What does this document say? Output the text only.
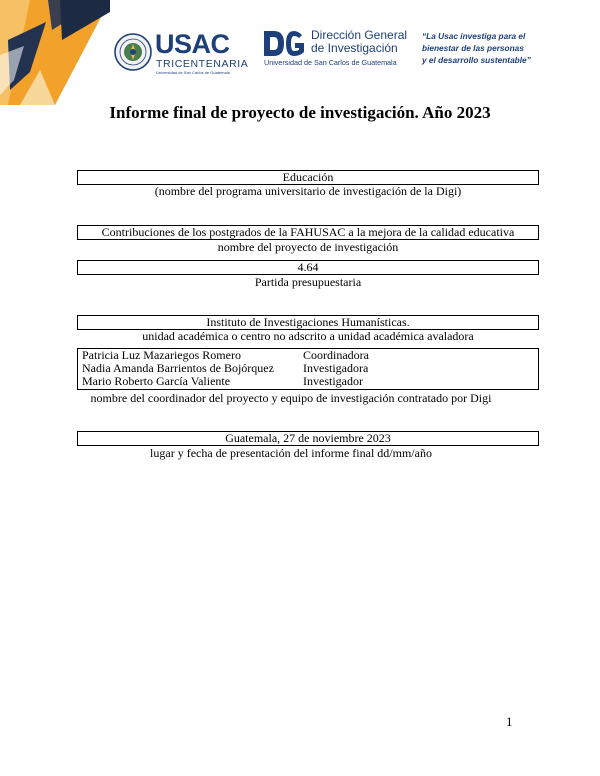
USAC
TRICENTENARIA
Universidad de San Carlos de Guatemala
Dirección General
de Investigación
Universidad de San Carlos de Guatemala
“La Usac investiga para el
bienestar de las personas
y el desarrollo sustentable”
Informe final de proyecto de investigación. Año 2023
Educación
(nombre del programa universitario de investigación de la Digi)
Contribuciones de los postgrados de la FAHUSAC a la mejora de la calidad educativa
nombre del proyecto de investigación
4.64
Partida presupuestaria
Instituto de Investigaciones Humanísticas.
unidad académica o centro no adscrito a unidad académica avaladora
Patricia Luz Mazariegos Romero	Coordinadora
Nadia Amanda Barrientos de Bojórquez Investigadora
Mario Roberto García Valiente	Investigador
nombre del coordinador del proyecto y equipo de investigación contratado por Digi
Guatemala, 27 de noviembre 2023
lugar y fecha de presentación del informe final dd/mm/año
1
